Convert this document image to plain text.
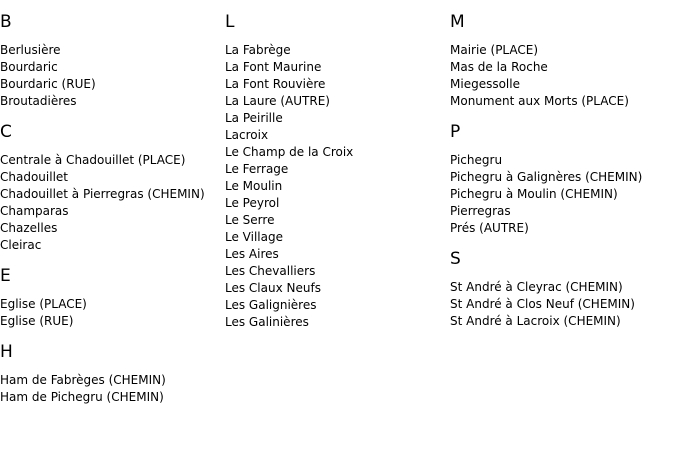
B
Berlusière
Bourdaric
Bourdaric (RUE)
Broutadières
C
Centrale à Chadouillet (PLACE)
Chadouillet
Chadouillet à Pierregras (CHEMIN)
Champaras
Chazelles
Cleirac
E
Eglise (PLACE)
Eglise (RUE)
H
Ham de Fabrèges (CHEMIN)
Ham de Pichegru (CHEMIN)
L
La Fabrège
La Font Maurine
La Font Rouvière
La Laure (AUTRE)
La Peirille
Lacroix
Le Champ de la Croix
Le Ferrage
Le Moulin
Le Peyrol
Le Serre
Le Village
Les Aires
Les Chevalliers
Les Claux Neufs
Les Galignières
Les Galinières
M
Mairie (PLACE)
Mas de la Roche
Miegessolle
Monument aux Morts (PLACE)
P
Pichegru
Pichegru à Galignères (CHEMIN)
Pichegru à Moulin (CHEMIN)
Pierregras
Prés (AUTRE)
S
St André à Cleyrac (CHEMIN)
St André à Clos Neuf (CHEMIN)
St André à Lacroix (CHEMIN)
